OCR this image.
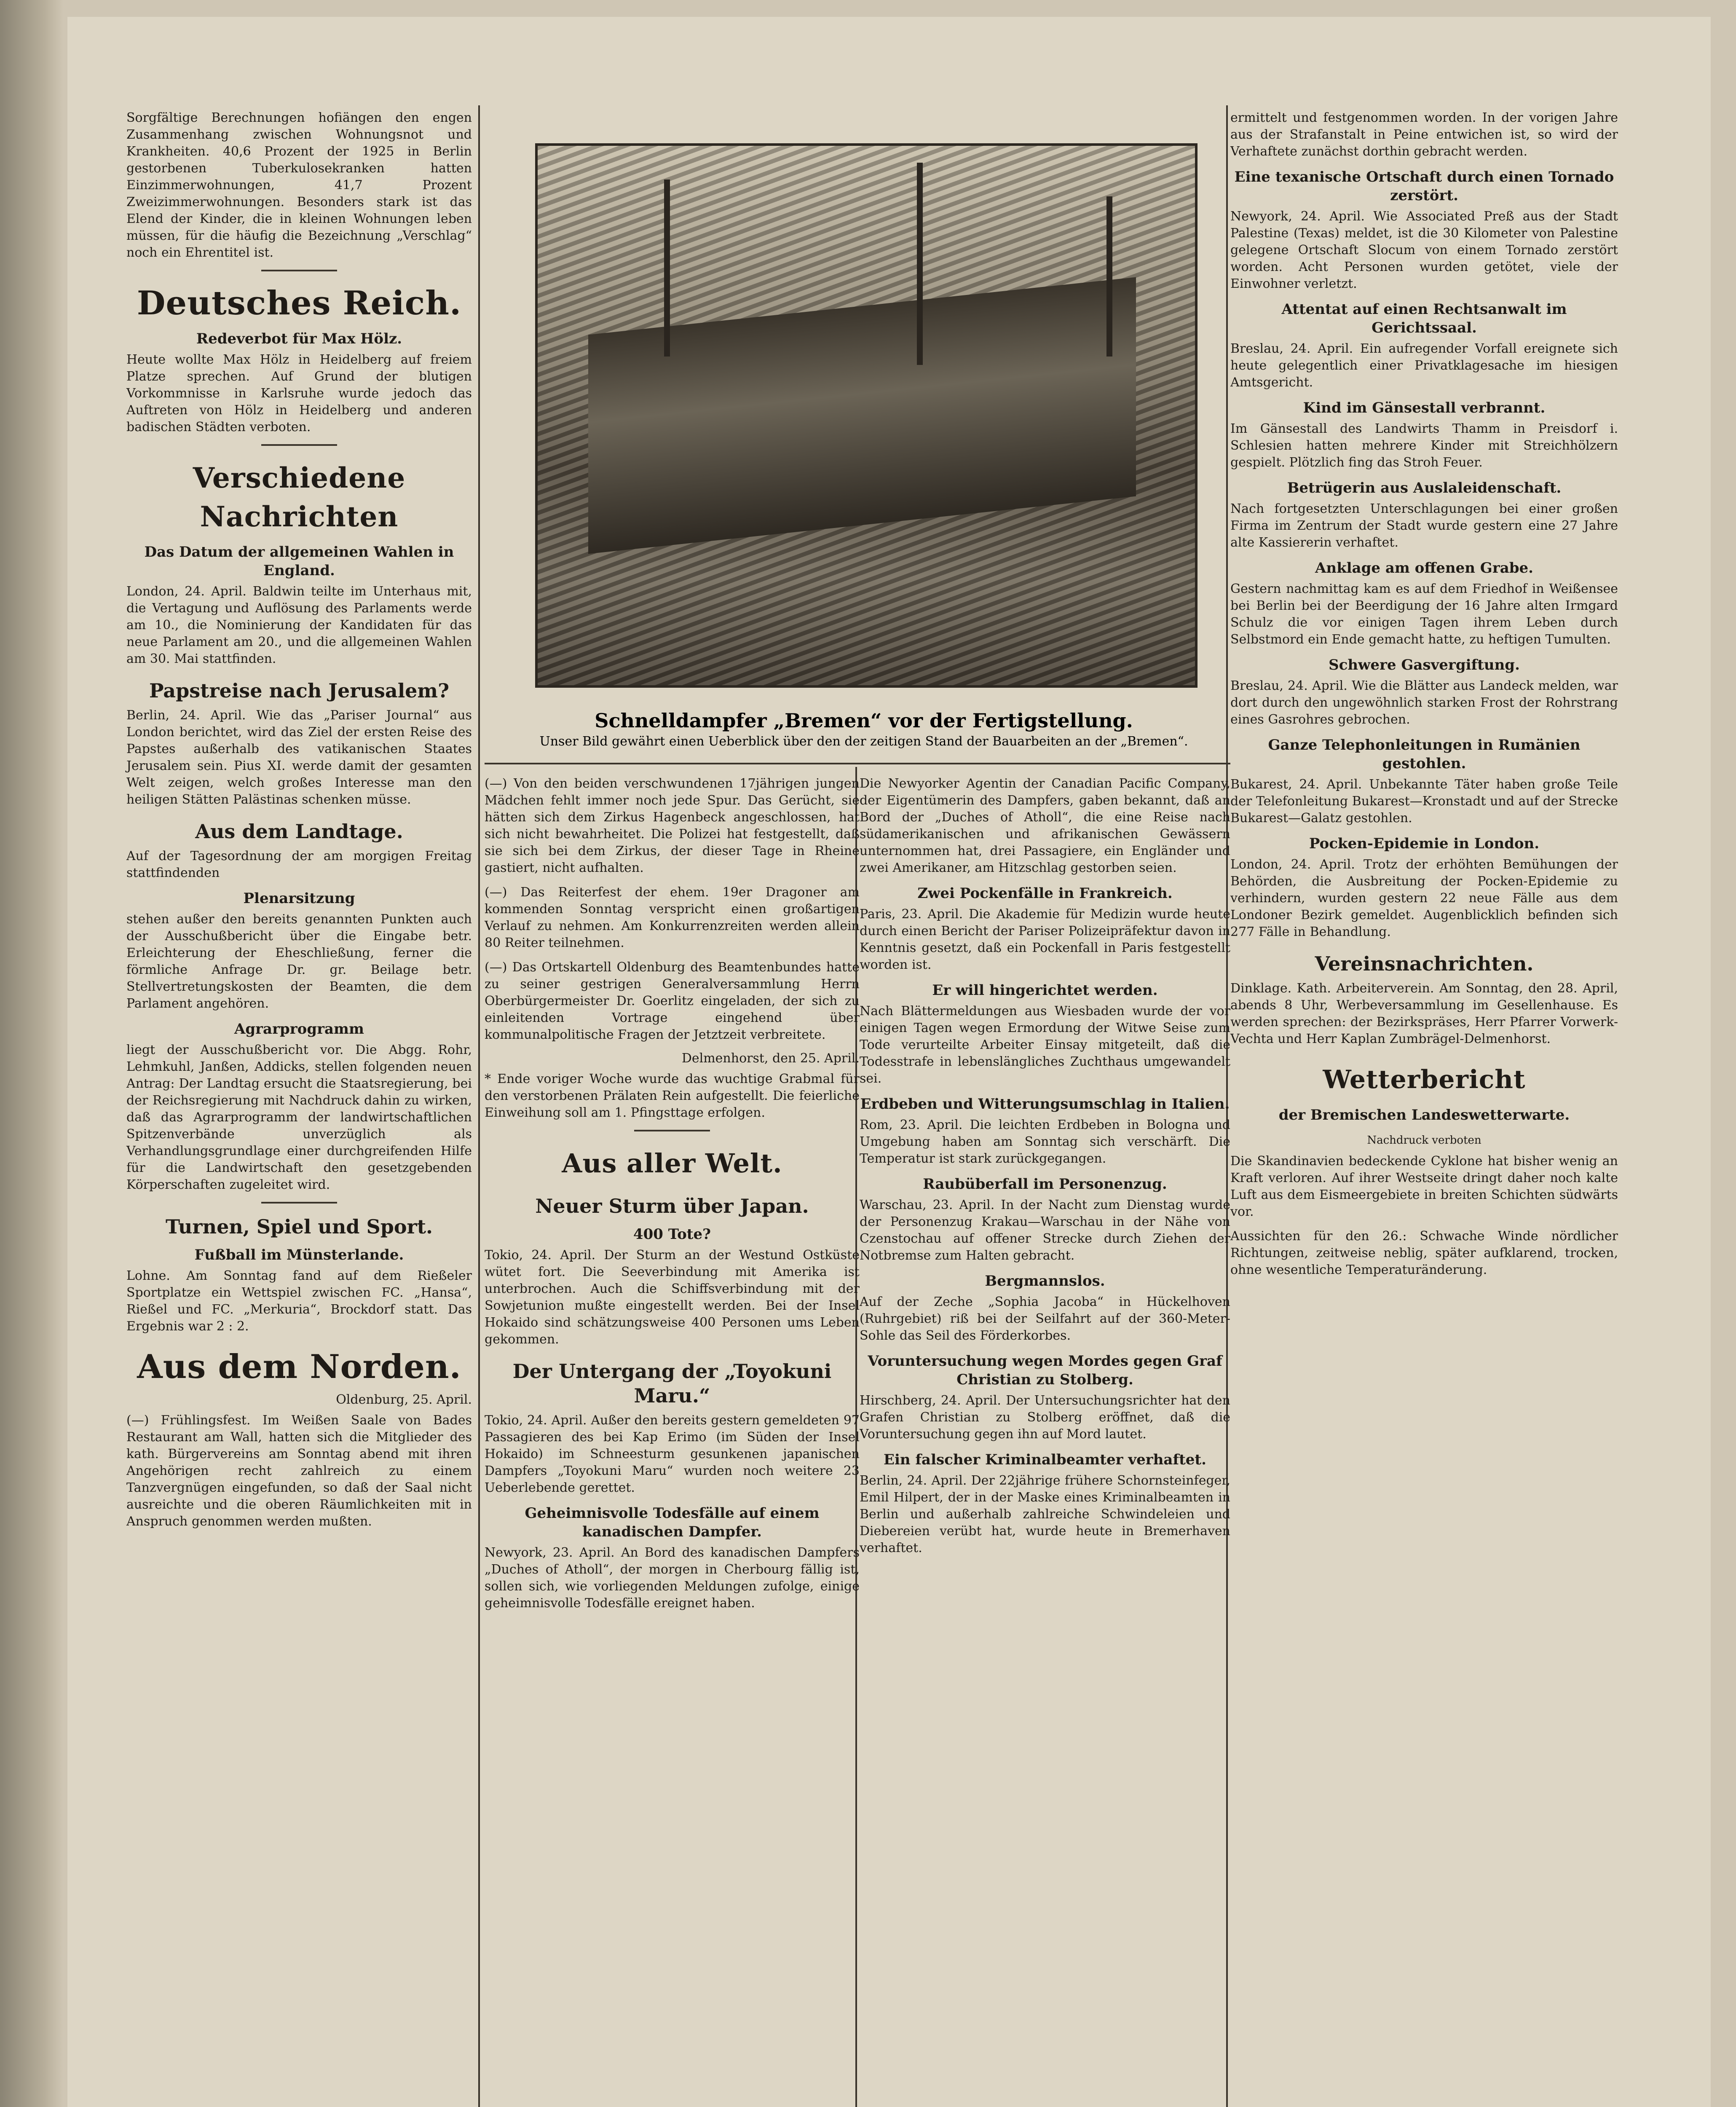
Sorgfältige Berechnungen hofiängen den engen Zusammenhang zwischen Wohnungsnot und Krankheiten. 40,6 Prozent der 1925 in Berlin gestorbenen Tuberkulosekranken hatten Einzimmerwohnungen, 41,7 Prozent Zweizimmerwohnungen. Besonders stark ist das Elend der Kinder, die in kleinen Wohnungen leben müssen, für die häufig die Bezeichnung „Verschlag“ noch ein Ehrentitel ist.

Deutsches Reich.
Redeverbot für Max Hölz.

Heute wollte Max Hölz in Heidelberg auf freiem Platze sprechen. Auf Grund der blutigen Vorkommnisse in Karlsruhe wurde jedoch das Auftreten von Hölz in Heidelberg und anderen badischen Städten verboten.

Verschiedene Nachrichten
Das Datum der allgemeinen Wahlen in England.

London, 24. April. Baldwin teilte im Unterhaus mit, die Vertagung und Auflösung des Parlaments werde am 10., die Nominierung der Kandidaten für das neue Parlament am 20., und die allgemeinen Wahlen am 30. Mai stattfinden.

Papstreise nach Jerusalem?

Berlin, 24. April. Wie das „Pariser Journal“ aus London berichtet, wird das Ziel der ersten Reise des Papstes außerhalb des vatikanischen Staates Jerusalem sein. Pius XI. werde damit der gesamten Welt zeigen, welch großes Interesse man den heiligen Stätten Palästinas schenken müsse.

Aus dem Landtage.

Auf der Tagesordnung der am morgigen Freitag stattfindenden

Plenarsitzung

stehen außer den bereits genannten Punkten auch der Ausschußbericht über die Eingabe betr. Erleichterung der Eheschließung, ferner die förmliche Anfrage Dr. gr. Beilage betr. Stellvertretungskosten der Beamten, die dem Parlament angehören.

Agrarprogramm

liegt der Ausschußbericht vor. Die Abgg. Rohr, Lehmkuhl, Janßen, Addicks, stellen folgenden neuen Antrag: Der Landtag ersucht die Staatsregierung, bei der Reichsregierung mit Nachdruck dahin zu wirken, daß das Agrarprogramm der landwirtschaftlichen Spitzenverbände unverzüglich als Verhandlungsgrundlage einer durchgreifenden Hilfe für die Landwirtschaft den gesetzgebenden Körperschaften zugeleitet wird.

Turnen, Spiel und Sport.
Fußball im Münsterlande.

Lohne. Am Sonntag fand auf dem Rießeler Sportplatze ein Wettspiel zwischen FC. „Hansa“, Rießel und FC. „Merkuria“, Brockdorf statt. Das Ergebnis war 2 : 2.

Aus dem Norden.
Oldenburg, 25. April.

(—) Frühlingsfest. Im Weißen Saale von Bades Restaurant am Wall, hatten sich die Mitglieder des kath. Bürgervereins am Sonntag abend mit ihren Angehörigen recht zahlreich zu einem Tanzvergnügen eingefunden, so daß der Saal nicht ausreichte und die oberen Räumlichkeiten mit in Anspruch genommen werden mußten.

Schnelldampfer „Bremen“ vor der Fertigstellung.
Unser Bild gewährt einen Ueberblick über den der zeitigen Stand der Bauarbeiten an der „Bremen“.

(—) Von den beiden verschwundenen 17jährigen jungen Mädchen fehlt immer noch jede Spur. Das Gerücht, sie hätten sich dem Zirkus Hagenbeck angeschlossen, hat sich nicht bewahrheitet. Die Polizei hat festgestellt, daß sie sich bei dem Zirkus, der dieser Tage in Rheine gastiert, nicht aufhalten.

(—) Das Reiterfest der ehem. 19er Dragoner am kommenden Sonntag verspricht einen großartigen Verlauf zu nehmen. Am Konkurrenzreiten werden allein 80 Reiter teilnehmen.

(—) Das Ortskartell Oldenburg des Beamtenbundes hatte zu seiner gestrigen Generalversammlung Herrn Oberbürgermeister Dr. Goerlitz eingeladen, der sich zu einleitenden Vortrage eingehend über kommunalpolitische Fragen der Jetztzeit verbreitete.

Delmenhorst, den 25. April.

* Ende voriger Woche wurde das wuchtige Grabmal für den verstorbenen Prälaten Rein aufgestellt. Die feierliche Einweihung soll am 1. Pfingsttage erfolgen.

Aus aller Welt.
Neuer Sturm über Japan.
400 Tote?

Tokio, 24. April. Der Sturm an der Westund Ostküste wütet fort. Die Seeverbindung mit Amerika ist unterbrochen. Auch die Schiffsverbindung mit der Sowjetunion mußte eingestellt werden. Bei der Insel Hokaido sind schätzungsweise 400 Personen ums Leben gekommen.

Der Untergang der „Toyokuni Maru.“

Tokio, 24. April. Außer den bereits gestern gemeldeten 97 Passagieren des bei Kap Erimo (im Süden der Insel Hokaido) im Schneesturm gesunkenen japanischen Dampfers „Toyokuni Maru“ wurden noch weitere 23 Ueberlebende gerettet.

Geheimnisvolle Todesfälle auf einem kanadischen Dampfer.

Newyork, 23. April. An Bord des kanadischen Dampfers „Duches of Atholl“, der morgen in Cherbourg fällig ist, sollen sich, wie vorliegenden Meldungen zufolge, einige geheimnisvolle Todesfälle ereignet haben.

Die Newyorker Agentin der Canadian Pacific Company, der Eigentümerin des Dampfers, gaben bekannt, daß an Bord der „Duches of Atholl“, die eine Reise nach südamerikanischen und afrikanischen Gewässern unternommen hat, drei Passagiere, ein Engländer und zwei Amerikaner, am Hitzschlag gestorben seien.

Zwei Pockenfälle in Frankreich.

Paris, 23. April. Die Akademie für Medizin wurde heute durch einen Bericht der Pariser Polizeipräfektur davon in Kenntnis gesetzt, daß ein Pockenfall in Paris festgestellt worden ist.

Er will hingerichtet werden.

Nach Blättermeldungen aus Wiesbaden wurde der vor einigen Tagen wegen Ermordung der Witwe Seise zum Tode verurteilte Arbeiter Einsay mitgeteilt, daß die Todesstrafe in lebenslängliches Zuchthaus umgewandelt sei.

Erdbeben und Witterungsumschlag in Italien.

Rom, 23. April. Die leichten Erdbeben in Bologna und Umgebung haben am Sonntag sich verschärft. Die Temperatur ist stark zurückgegangen.

Raubüberfall im Personenzug.

Warschau, 23. April. In der Nacht zum Dienstag wurde der Personenzug Krakau—Warschau in der Nähe von Czenstochau auf offener Strecke durch Ziehen der Notbremse zum Halten gebracht.

Bergmannslos.

Auf der Zeche „Sophia Jacoba“ in Hückelhoven (Ruhrgebiet) riß bei der Seilfahrt auf der 360-Meter-Sohle das Seil des Förderkorbes.

Voruntersuchung wegen Mordes gegen Graf Christian zu Stolberg.

Hirschberg, 24. April. Der Untersuchungsrichter hat den Grafen Christian zu Stolberg eröffnet, daß die Voruntersuchung gegen ihn auf Mord lautet.

Ein falscher Kriminalbeamter verhaftet.

Berlin, 24. April. Der 22jährige frühere Schornsteinfeger, Emil Hilpert, der in der Maske eines Kriminalbeamten in Berlin und außerhalb zahlreiche Schwindeleien und Diebereien verübt hat, wurde heute in Bremerhaven verhaftet.

ermittelt und festgenommen worden. In der vorigen Jahre aus der Strafanstalt in Peine entwichen ist, so wird der Verhaftete zunächst dorthin gebracht werden.

Eine texanische Ortschaft durch einen Tornado zerstört.

Newyork, 24. April. Wie Associated Preß aus der Stadt Palestine (Texas) meldet, ist die 30 Kilometer von Palestine gelegene Ortschaft Slocum von einem Tornado zerstört worden. Acht Personen wurden getötet, viele der Einwohner verletzt.

Attentat auf einen Rechtsanwalt im Gerichtssaal.

Breslau, 24. April. Ein aufregender Vorfall ereignete sich heute gelegentlich einer Privatklagesache im hiesigen Amtsgericht.

Kind im Gänsestall verbrannt.

Im Gänsestall des Landwirts Thamm in Preisdorf i. Schlesien hatten mehrere Kinder mit Streichhölzern gespielt. Plötzlich fing das Stroh Feuer.

Betrügerin aus Auslaleidenschaft.

Nach fortgesetzten Unterschlagungen bei einer großen Firma im Zentrum der Stadt wurde gestern eine 27 Jahre alte Kassiererin verhaftet.

Anklage am offenen Grabe.

Gestern nachmittag kam es auf dem Friedhof in Weißensee bei Berlin bei der Beerdigung der 16 Jahre alten Irmgard Schulz die vor einigen Tagen ihrem Leben durch Selbstmord ein Ende gemacht hatte, zu heftigen Tumulten.

Schwere Gasvergiftung.

Breslau, 24. April. Wie die Blätter aus Landeck melden, war dort durch den ungewöhnlich starken Frost der Rohrstrang eines Gasrohres gebrochen.

Ganze Telephonleitungen in Rumänien gestohlen.

Bukarest, 24. April. Unbekannte Täter haben große Teile der Telefonleitung Bukarest—Kronstadt und auf der Strecke Bukarest—Galatz gestohlen.

Pocken-Epidemie in London.

London, 24. April. Trotz der erhöhten Bemühungen der Behörden, die Ausbreitung der Pocken-Epidemie zu verhindern, wurden gestern 22 neue Fälle aus dem Londoner Bezirk gemeldet. Augenblicklich befinden sich 277 Fälle in Behandlung.

Vereinsnachrichten.

Dinklage. Kath. Arbeiterverein. Am Sonntag, den 28. April, abends 8 Uhr, Werbeversammlung im Gesellenhause. Es werden sprechen: der Bezirkspräses, Herr Pfarrer Vorwerk-Vechta und Herr Kaplan Zumbrägel-Delmenhorst.

Wetterbericht
der Bremischen Landeswetterwarte.
Nachdruck verboten

Die Skandinavien bedeckende Cyklone hat bisher wenig an Kraft verloren. Auf ihrer Westseite dringt daher noch kalte Luft aus dem Eismeergebiete in breiten Schichten südwärts vor.

Aussichten für den 26.: Schwache Winde nördlicher Richtungen, zeitweise neblig, später aufklarend, trocken, ohne wesentliche Temperaturänderung.
